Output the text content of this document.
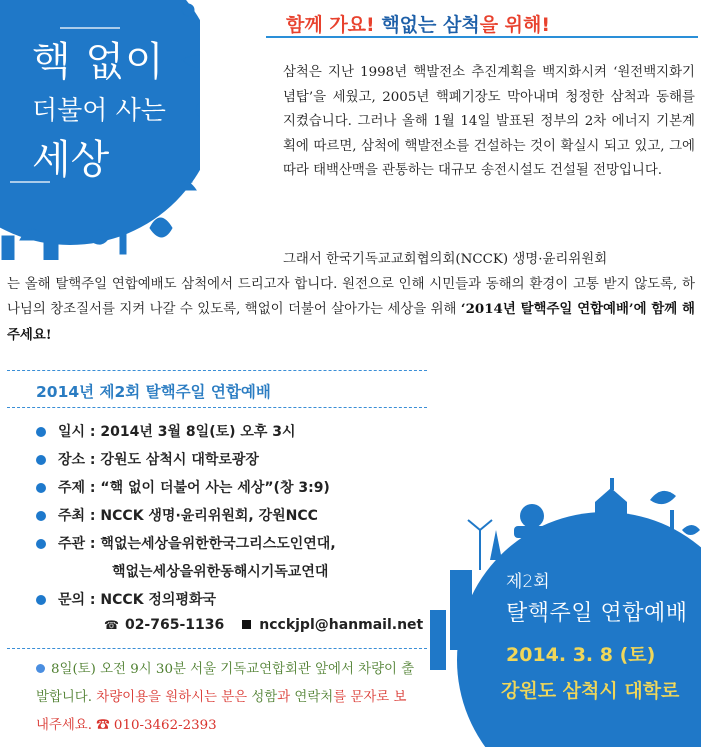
핵 없이
더불어 사는
세상
함께 가요! 핵없는 삼척을 위해!
삼척은 지난 1998년 핵발전소 추진계획을 백지화시켜 ‘원전백지화기념탑’을 세웠고, 2005년 핵폐기장도 막아내며 청정한 삼척과 동해를 지켰습니다. 그러나 올해 1월 14일 발표된 정부의 2차 에너지 기본계획에 따르면, 삼척에 핵발전소를 건설하는 것이 확실시 되고 있고, 그에 따라 태백산맥을 관통하는 대규모 송전시설도 건설될 전망입니다.
그래서 한국기독교교회협의회(NCCK) 생명·윤리위원회
는 올해 탈핵주일 연합예배도 삼척에서 드리고자 합니다. 원전으로 인해 시민들과 동해의 환경이 고통 받지 않도록, 하나님의 창조질서를 지켜 나갈 수 있도록, 핵없이 더불어 살아가는 세상을 위해 ‘2014년 탈핵주일 연합예배’에 함께 해 주세요!
2014년 제2회 탈핵주일 연합예배
일시 : 2014년 3월 8일(토) 오후 3시
장소 : 강원도 삼척시 대학로광장
주제 : “핵 없이 더불어 사는 세상”(창 3:9)
주최 : NCCK 생명·윤리위원회, 강원NCC
주관 : 핵없는세상을위한한국그리스도인연대,
핵없는세상을위한동해시기독교연대
문의 : NCCK 정의평화국
☎ 02-765-1136	ncckjpl@hanmail.net
8일(토) 오전 9시 30분 서울 기독교연합회관 앞에서 차량이 출발합니다. 차량이용을 원하시는 분은 성함과 연락처를 문자로 보내주세요. ☎ 010-3462-2393
제2회
탈핵주일 연합예배
2014. 3. 8 (토)
강원도 삼척시 대학로
